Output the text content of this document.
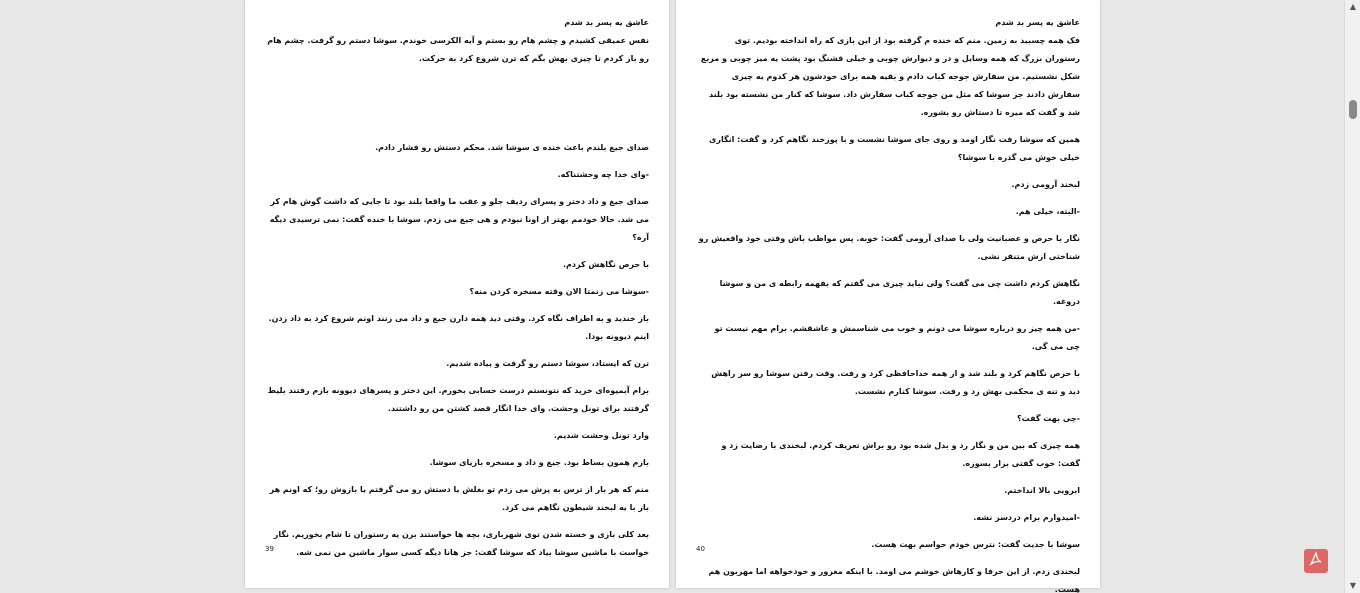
عاشق یه پسر بد شدم

نفس عمیقی کشیدم و چشم هام رو بستم و آیه الکرسی خوندم. سوشا دستم رو گرفت. چشم هام رو باز کردم تا چیزی بهش بگم که ترن شروع کرد به حرکت.

صدای جیغ بلندم باعث خنده ی سوشا شد. محکم دستش رو فشار دادم.

-وای خدا چه وحشتناکه.

صدای جیغ و داد دختر و پسرای ردیف جلو و عقب ما واقعا بلند بود تا جایی که داشت گوش هام کر می شد. حالا خودمم بهتر از اونا نبودم و هی جیغ می زدم. سوشا با خنده گفت: نمی ترسیدی دیگه آره؟

با حرص نگاهش کردم.

-سوشا می زنمتا الان وقته مسخره کردن منه؟

باز خندید و به اطراف نگاه کرد. وقتی دید همه دارن جیغ و داد می زنند اونم شروع کرد به داد زدن. اینم دیوونه بودا.

ترن که ایستاد، سوشا دستم رو گرفت و پیاده شدیم.

برام آبمیوه‌ای خرید که نتونستم درست حسابی بخورم. این دختر و پسرهای دیوونه بازم رفتند بلیط گرفتند برای تونل وحشت. وای خدا انگار قصد کشتن من رو داشتند.

وارد تونل وحشت شدیم.

بازم همون بساط بود. جیغ و داد و مسخره بازیای سوشا.

منم که هر بار از ترس به پرش می زدم تو بغلش یا دستش رو می گرفتم یا بازوش رو؛ که اونم هر بار با یه لبخند شیطون نگاهم می کرد.

بعد کلی بازی و خسته شدن توی شهربازی، بچه ها خواستند برن یه رستوران تا شام بخوریم. نگار خواست با ماشین سوشا بیاد که سوشا گفت: جز هانا دیگه کسی سوار ماشین من نمی شه.

39

عاشق یه پسر بد شدم

فک همه چسبید به زمین. منم که خنده م گرفته بود از این بازی که راه انداخته بودیم. توی رستوران بزرگ که همه وسایل و در و دیوارش چوبی و خیلی قشنگ بود پشت یه میز چوبی و مربع شکل نشستیم. من سفارش جوجه کباب دادم و بقیه همه برای خودشون هر کدوم یه چیزی سفارش دادند جز سوشا که مثل من جوجه کباب سفارش داد. سوشا که کنار من نشسته بود بلند شد و گفت که میره تا دستاش رو بشوره.

همین که سوشا رفت نگار اومد و روی جای سوشا نشست و با پوزخند نگاهم کرد و گفت: انگاری خیلی خوش می گذره با سوشا؟

لبخند آرومی زدم.

-البته، خیلی هم.

نگار با حرص و عصبانیت ولی با صدای آرومی گفت: خوبه. پس مواظب باش وقتی خود واقعیش رو شناختی ازش متنفر نشی.

نگاهش کردم داشت چی می گفت؟ ولی نباید چیزی می گفتم که بفهمه رابطه ی من و سوشا دروغه.

-من همه چیز رو درباره سوشا می دونم و خوب می شناسمش و عاشقشم. برام مهم نیست تو چی می گی.

با حرص نگاهم کرد و بلند شد و از همه خداحافظی کرد و رفت. وقت رفتن سوشا رو سر راهش دید و تنه ی محکمی بهش زد و رفت. سوشا کنارم نشست.

-چی بهت گفت؟

همه چیزی که بین من و نگار رد و بدل شده بود رو براش تعریف کردم. لبخندی با رضایت زد و گفت: خوب گفتی بزار بسوزه.

ابرویی بالا انداختم.

-امیدوارم برام دردسر نشه.

سوشا با جدیت گفت: نترس خودم حواسم بهت هست.

لبخندی زدم. از این حرفا و کارهاش خوشم می اومد. با اینکه مغرور و خودخواهه اما مهربون هم هست.

40
▲
▼
